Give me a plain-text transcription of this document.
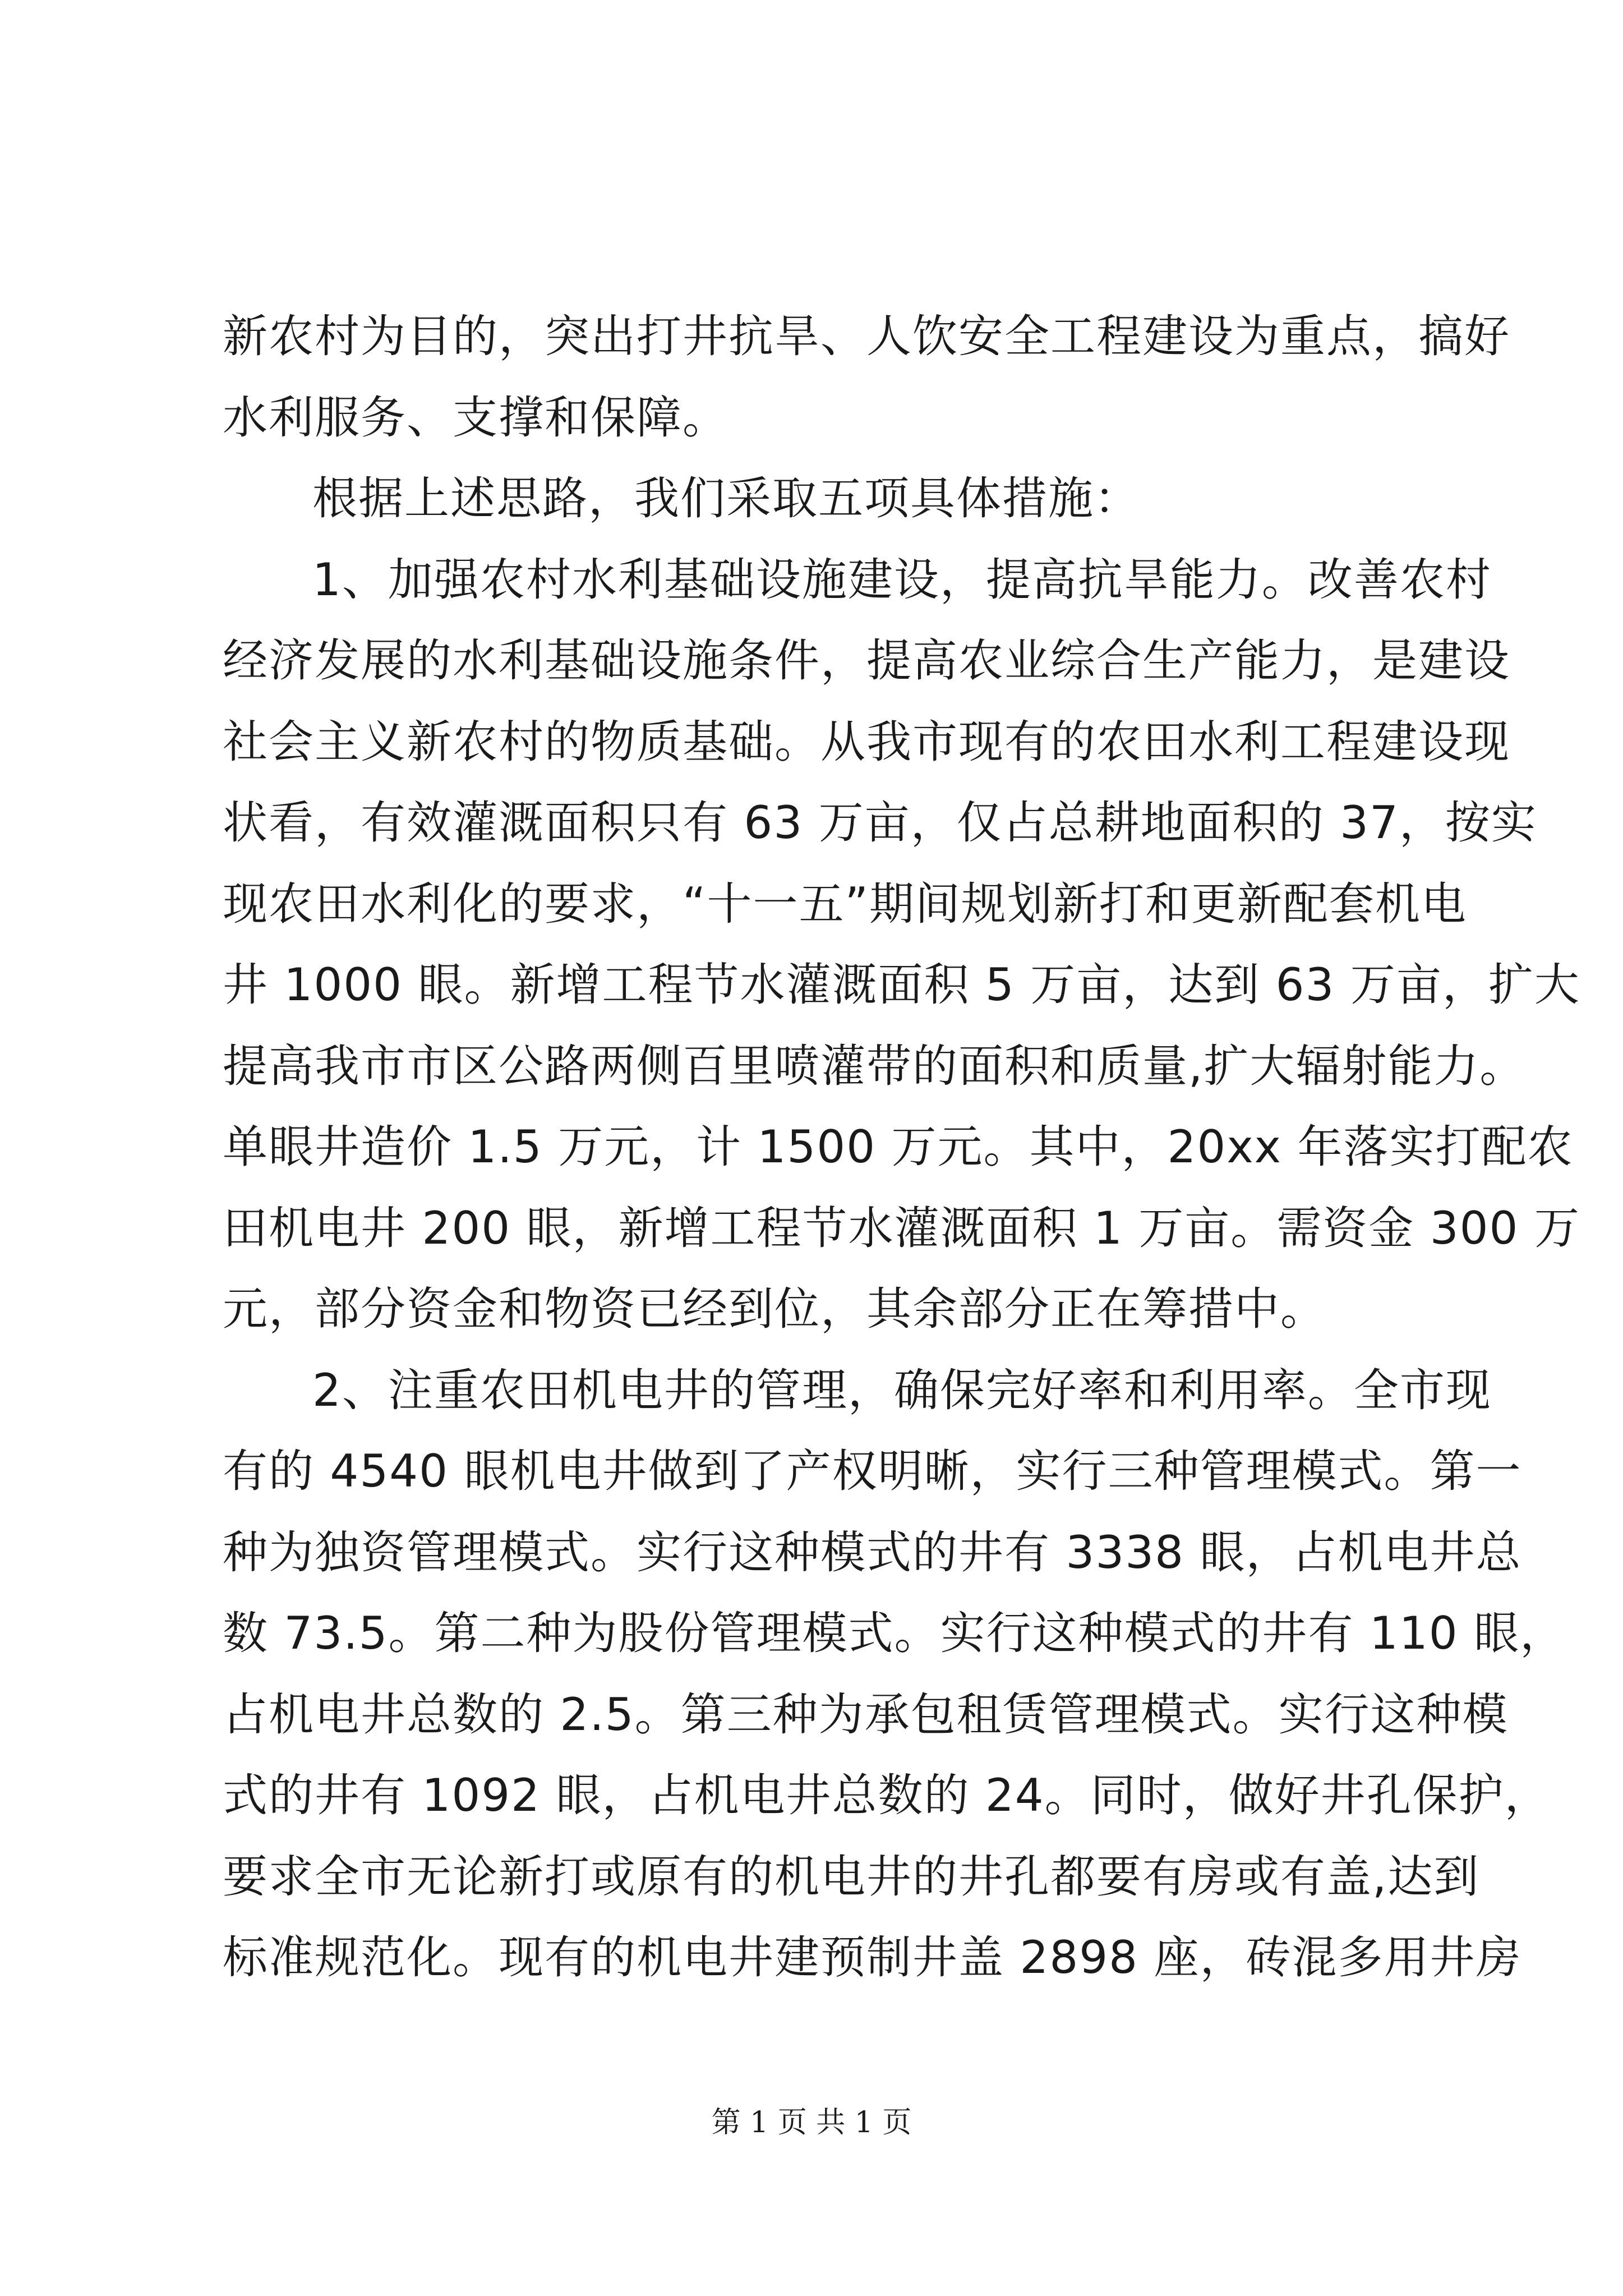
新农村为目的，突出打井抗旱、人饮安全工程建设为重点，搞好
水利服务、支撑和保障。
根据上述思路，我们采取五项具体措施：
1、加强农村水利基础设施建设，提高抗旱能力。改善农村
经济发展的水利基础设施条件，提高农业综合生产能力，是建设
社会主义新农村的物质基础。从我市现有的农田水利工程建设现
状看，有效灌溉面积只有 63 万亩，仅占总耕地面积的 37，按实
现农田水利化的要求，“十一五”期间规划新打和更新配套机电
井 1000 眼。新增工程节水灌溉面积 5 万亩，达到 63 万亩，扩大
提高我市市区公路两侧百里喷灌带的面积和质量,扩大辐射能力。
单眼井造价 1.5 万元，计 1500 万元。其中，20xx 年落实打配农
田机电井 200 眼，新增工程节水灌溉面积 1 万亩。需资金 300 万
元，部分资金和物资已经到位，其余部分正在筹措中。
2、注重农田机电井的管理，确保完好率和利用率。全市现
有的 4540 眼机电井做到了产权明晰，实行三种管理模式。第一
种为独资管理模式。实行这种模式的井有 3338 眼，占机电井总
数 73.5。第二种为股份管理模式。实行这种模式的井有 110 眼，
占机电井总数的 2.5。第三种为承包租赁管理模式。实行这种模
式的井有 1092 眼，占机电井总数的 24。同时，做好井孔保护，
要求全市无论新打或原有的机电井的井孔都要有房或有盖,达到
标准规范化。现有的机电井建预制井盖 2898 座，砖混多用井房
第 1 页 共 1 页
